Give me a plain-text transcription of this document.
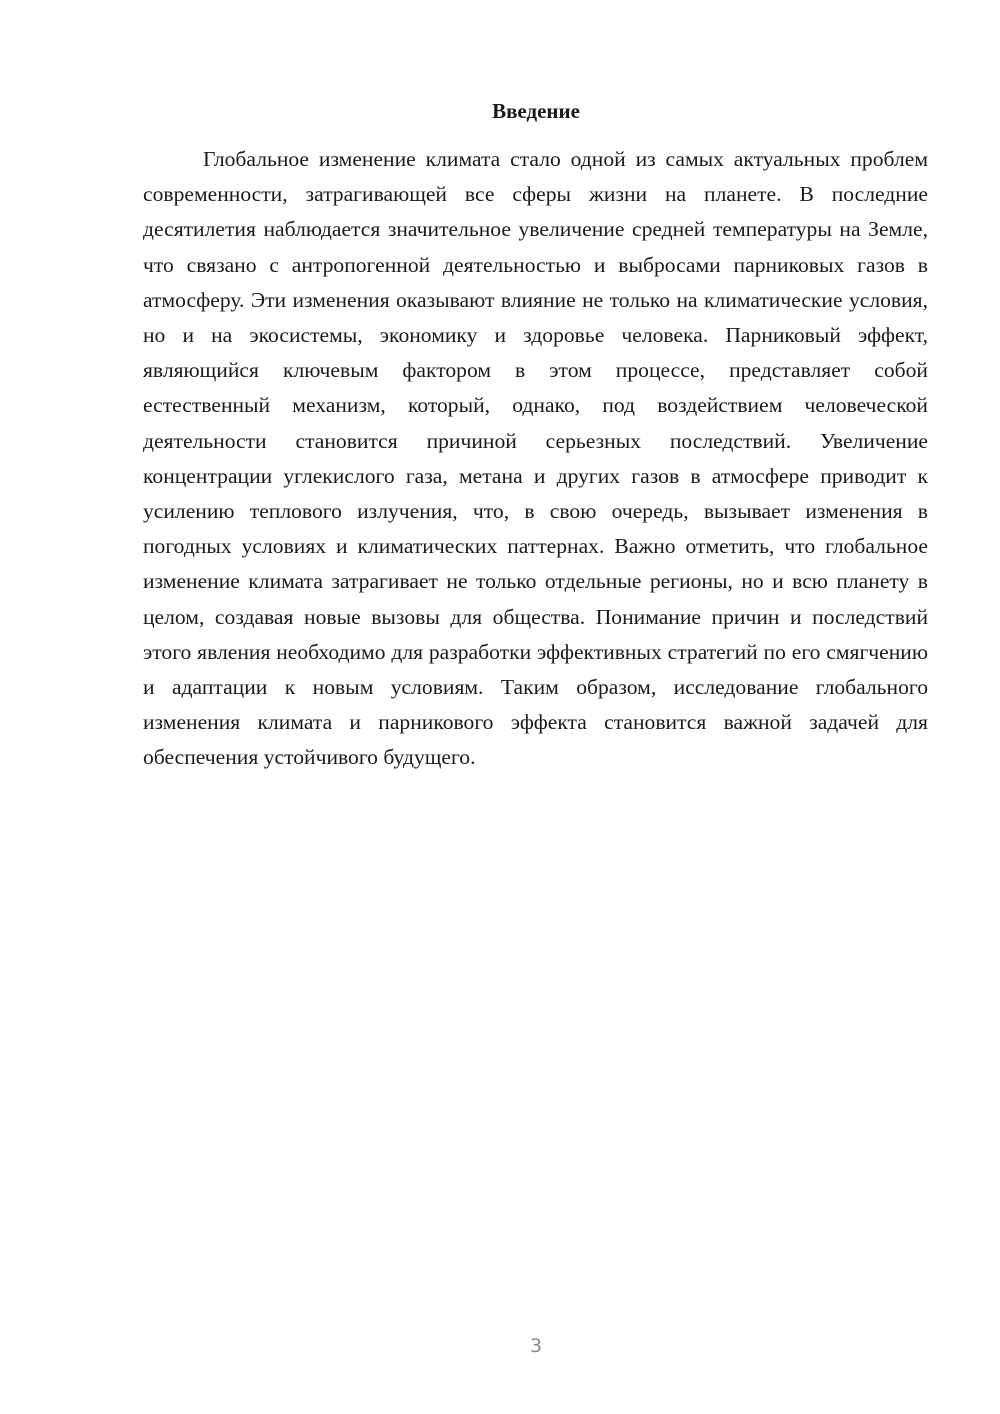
Введение

Глобальное изменение климата стало одной из самых актуальных проблем современности, затрагивающей все сферы жизни на планете. В последние десятилетия наблюдается значительное увеличение средней температуры на Земле, что связано с антропогенной деятельностью и выбросами парниковых газов в атмосферу. Эти изменения оказывают влияние не только на климатические условия, но и на экосистемы, экономику и здоровье человека. Парниковый эффект, являющийся ключевым фактором в этом процессе, представляет собой естественный механизм, который, однако, под воздействием человеческой деятельности становится причиной серьезных последствий. Увеличение концентрации углекислого газа, метана и других газов в атмосфере приводит к усилению теплового излучения, что, в свою очередь, вызывает изменения в погодных условиях и климатических паттернах. Важно отметить, что глобальное изменение климата затрагивает не только отдельные регионы, но и всю планету в целом, создавая новые вызовы для общества. Понимание причин и последствий этого явления необходимо для разработки эффективных стратегий по его смягчению и адаптации к новым условиям. Таким образом, исследование глобального изменения климата и парникового эффекта становится важной задачей для обеспечения устойчивого будущего.

3
